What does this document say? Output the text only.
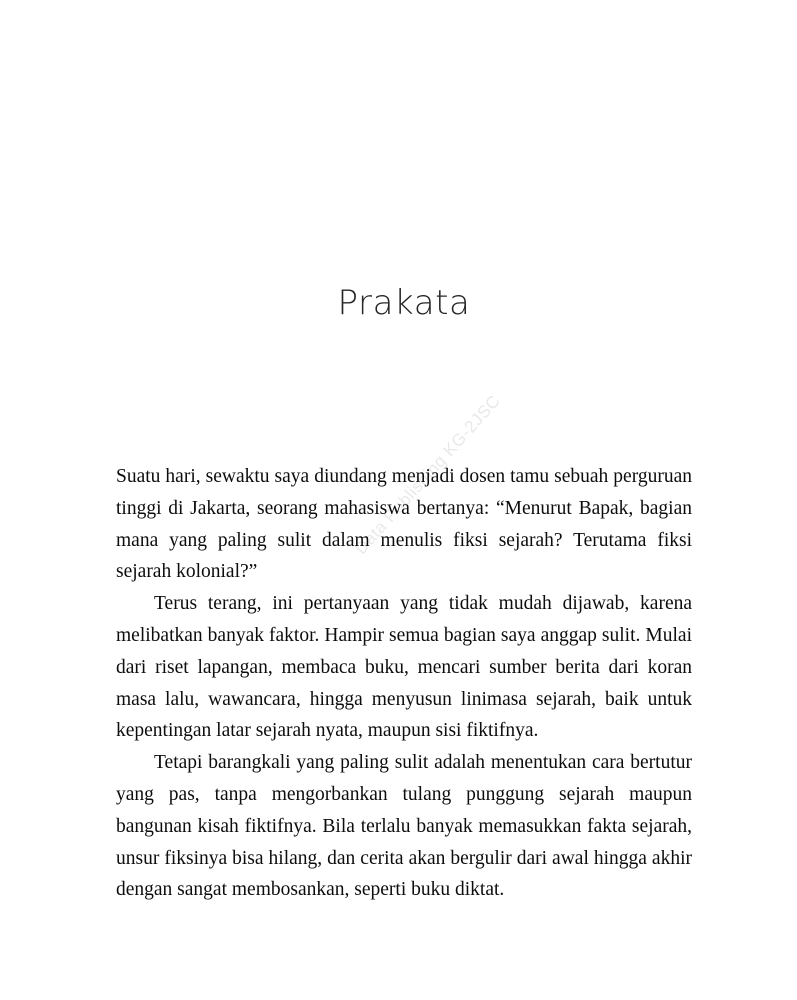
Data Publishing KG-2JSC
Prakata

Suatu hari, sewaktu saya diundang menjadi dosen tamu sebuah perguruan tinggi di Jakarta, seorang mahasiswa bertanya: “Menurut Bapak, bagian mana yang paling sulit dalam menulis fiksi sejarah? Terutama fiksi sejarah kolonial?”

Terus terang, ini pertanyaan yang tidak mudah dijawab, karena melibatkan banyak faktor. Hampir semua bagian saya anggap sulit. Mulai dari riset lapangan, membaca buku, mencari sumber berita dari koran masa lalu, wawancara, hingga menyusun linimasa sejarah, baik untuk kepentingan latar sejarah nyata, maupun sisi fiktifnya.

Tetapi barangkali yang paling sulit adalah menentukan cara bertutur yang pas, tanpa mengorbankan tulang punggung sejarah maupun bangunan kisah fiktifnya. Bila terlalu banyak memasukkan fakta sejarah, unsur fiksinya bisa hilang, dan cerita akan bergulir dari awal hingga akhir dengan sangat membosankan, seperti buku diktat.
